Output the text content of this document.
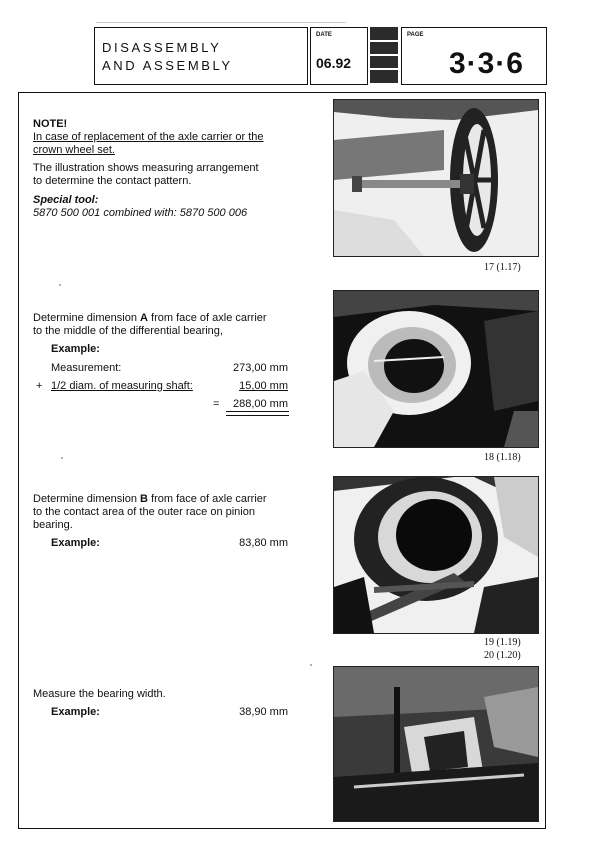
DISASSEMBLY
AND ASSEMBLY
DATE
06.92
PAGE
3·3·6
NOTE!
In case of replacement of the axle carrier or the
crown wheel set.
The illustration shows measuring arrangement
to determine the contact pattern.
Special tool:
5870 500 001 combined with: 5870 500 006
17 (1.17)
Determine dimension A from face of axle carrier
to the middle of the differential bearing,
Example:
Measurement:	273,00 mm
+ 1/2 diam. of measuring shaft:	15,00 mm
=	288,00 mm
18 (1.18)
Determine dimension B from face of axle carrier
to the contact area of the outer race on pinion
bearing.
Example:	83,80 mm
19 (1.19)
20 (1.20)
Measure the bearing width.
Example:	38,90 mm
